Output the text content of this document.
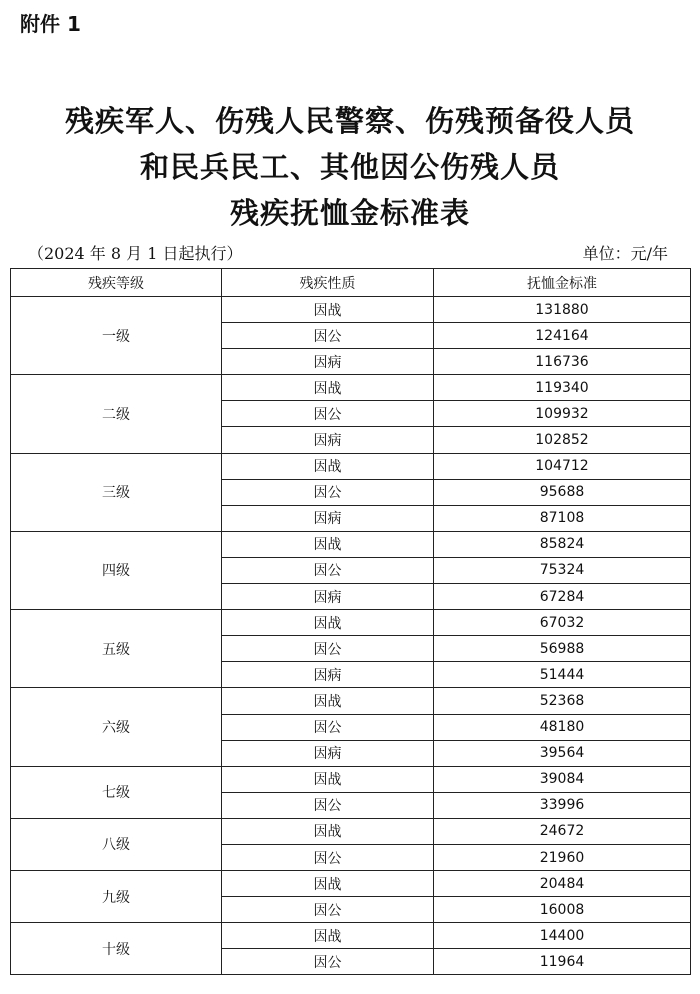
附件 1
残疾军人、伤残人民警察、伤残预备役人员
和民兵民工、其他因公伤残人员
残疾抚恤金标准表
（2024 年 8 月 1 日起执行）	单位：元/年
残疾等级	残疾性质	抚恤金标准
一级	因战	131880
	因公	124164
	因病	116736
二级	因战	119340
	因公	109932
	因病	102852
三级	因战	104712
	因公	95688
	因病	87108
四级	因战	85824
	因公	75324
	因病	67284
五级	因战	67032
	因公	56988
	因病	51444
六级	因战	52368
	因公	48180
	因病	39564
七级	因战	39084
	因公	33996
八级	因战	24672
	因公	21960
九级	因战	20484
	因公	16008
十级	因战	14400
	因公	11964
